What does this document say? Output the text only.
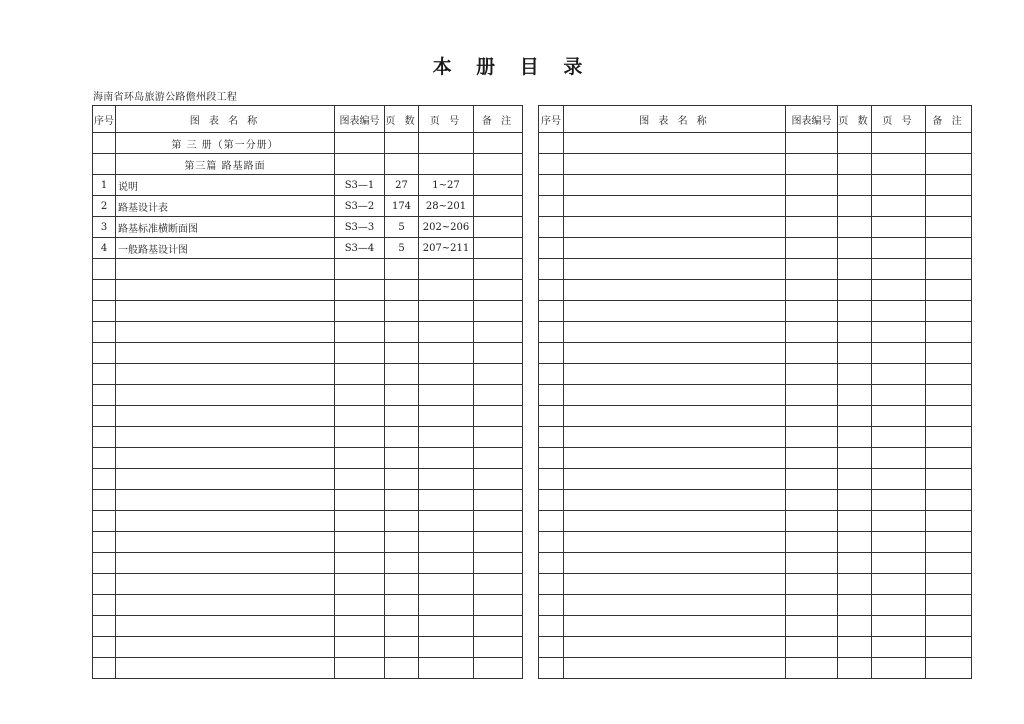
本 册 目 录
海南省环岛旅游公路儋州段工程
序号	图 表 名 称	图表编号	页 数	页 号	备 注
	第 三 册（第一分册）				
	第三篇 路基路面				
1	说明	S3—1	27	1~27	
2	路基设计表	S3—2	174	28~201	
3	路基标准横断面图	S3—3	5	202~206	
4	一般路基设计图	S3—4	5	207~211	

序号	图 表 名 称	图表编号	页 数	页 号	备 注
